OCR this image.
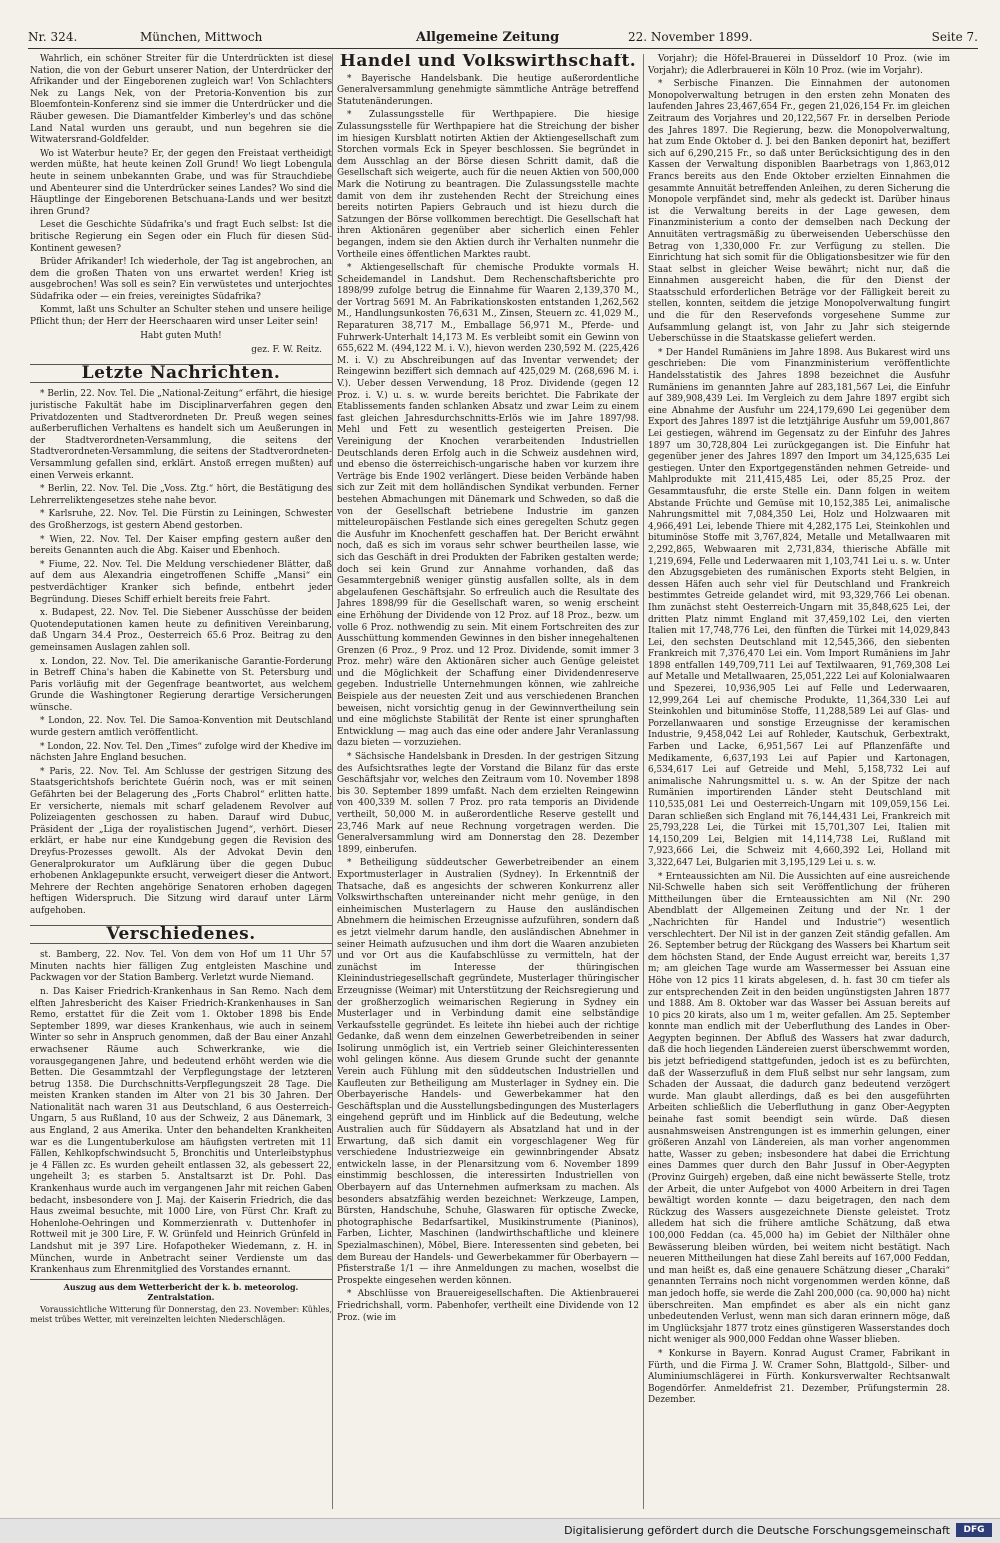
Nr. 324.	München, Mittwoch	Allgemeine Zeitung	22. November 1899.	Seite 7.

Wahrlich, ein schöner Streiter für die Unterdrückten ist diese Nation, die von der Geburt unserer Nation, der Unterdrücker der Afrikander und der Eingeborenen zugleich war! Von Schlachters Nek zu Langs Nek, von der Pretoria-Konvention bis zur Bloemfontein-Konferenz sind sie immer die Unterdrücker und die Räuber gewesen. Die Diamantfelder Kimberley's und das schöne Land Natal wurden uns geraubt, und nun begehren sie die Witwatersrand-Goldfelder.

Wo ist Waterbur heute? Er, der gegen den Freistaat vertheidigt werden müßte, hat heute keinen Zoll Grund! Wo liegt Lobengula heute in seinem unbekannten Grabe, und was für Strauchdiebe und Abenteurer sind die Unterdrücker seines Landes? Wo sind die Häuptlinge der Eingeborenen Betschuana-Lands und wer besitzt ihren Grund?

Leset die Geschichte Südafrika's und fragt Euch selbst: Ist die britische Regierung ein Segen oder ein Fluch für diesen Süd-Kontinent gewesen?

Brüder Afrikander! Ich wiederhole, der Tag ist angebrochen, an dem die großen Thaten von uns erwartet werden! Krieg ist ausgebrochen! Was soll es sein? Ein verwüstetes und unterjochtes Südafrika oder — ein freies, vereinigtes Südafrika?

Kommt, laßt uns Schulter an Schulter stehen und unsere heilige Pflicht thun; der Herr der Heerschaaren wird unser Leiter sein!

Habt guten Muth!

gez. F. W. Reitz.
Letzte Nachrichten.

* Berlin, 22. Nov. Tel. Die „National-Zeitung“ erfährt, die hiesige juristische Fakultät habe im Disciplinarverfahren gegen den Privatdozenten und Stadtverordneten Dr. Preuß wegen seines außerberuflichen Verhaltens es handelt sich um Aeußerungen in der Stadtverordneten-Versammlung, die seitens der Stadtverordneten-Versammlung, die seitens der Stadtverordneten-Versammlung gefallen sind, erklärt. Anstoß erregen mußten) auf einen Verweis erkannt.

* Berlin, 22. Nov. Tel. Die „Voss. Ztg.“ hört, die Bestätigung des Lehrerreliktengesetzes stehe nahe bevor.

* Karlsruhe, 22. Nov. Tel. Die Fürstin zu Leiningen, Schwester des Großherzogs, ist gestern Abend gestorben.

* Wien, 22. Nov. Tel. Der Kaiser empfing gestern außer den bereits Genannten auch die Abg. Kaiser und Ebenhoch.

* Fiume, 22. Nov. Tel. Die Meldung verschiedener Blätter, daß auf dem aus Alexandria eingetroffenen Schiffe „Mansi“ ein pestverdächtiger Kranker sich befinde, entbehrt jeder Begründung. Dieses Schiff erhielt bereits freie Fahrt.

x. Budapest, 22. Nov. Tel. Die Siebener Ausschüsse der beiden Quotendeputationen kamen heute zu definitiven Vereinbarung, daß Ungarn 34.4 Proz., Oesterreich 65.6 Proz. Beitrag zu den gemeinsamen Auslagen zahlen soll.

x. London, 22. Nov. Tel. Die amerikanische Garantie-Forderung in Betreff China's haben die Kabinette von St. Petersburg und Paris vorläufig mit der Gegenfrage beantwortet, aus welchem Grunde die Washingtoner Regierung derartige Versicherungen wünsche.

* London, 22. Nov. Tel. Die Samoa-Konvention mit Deutschland wurde gestern amtlich veröffentlicht.

* London, 22. Nov. Tel. Den „Times“ zufolge wird der Khedive im nächsten Jahre England besuchen.

* Paris, 22. Nov. Tel. Am Schlusse der gestrigen Sitzung des Staatsgerichtshofs berichtete Guérin noch, was er mit seinen Gefährten bei der Belagerung des „Forts Chabrol“ erlitten hatte. Er versicherte, niemals mit scharf geladenem Revolver auf Polizeiagenten geschossen zu haben. Darauf wird Dubuc, Präsident der „Liga der royalistischen Jugend“, verhört. Dieser erklärt, er habe nur eine Kundgebung gegen die Revision des Dreyfus-Prozesses gewollt. Als der Advokat Devin den Generalprokurator um Aufklärung über die gegen Dubuc erhobenen Anklagepunkte ersucht, verweigert dieser die Antwort. Mehrere der Rechten angehörige Senatoren erhoben dagegen heftigen Widerspruch. Die Sitzung wird darauf unter Lärm aufgehoben.

Verschiedenes.

st. Bamberg, 22. Nov. Tel. Von dem von Hof um 11 Uhr 57 Minuten nachts hier fälligen Zug entgleisten Maschine und Packwagen vor der Station Bamberg. Verletzt wurde Niemand.

n. Das Kaiser Friedrich-Krankenhaus in San Remo. Nach dem elften Jahresbericht des Kaiser Friedrich-Krankenhauses in San Remo, erstattet für die Zeit vom 1. Oktober 1898 bis Ende September 1899, war dieses Krankenhaus, wie auch in seinem Winter so sehr in Anspruch genommen, daß der Bau einer Anzahl erwachsener Räume auch Schwerkranke, wie die vorausgegangenen Jahre, und bedeutend erhöht werden wie die Betten. Die Gesammtzahl der Verpflegungstage der letzteren betrug 1358. Die Durchschnitts-Verpflegungszeit 28 Tage. Die meisten Kranken standen im Alter von 21 bis 30 Jahren. Der Nationalität nach waren 31 aus Deutschland, 6 aus Oesterreich-Ungarn, 5 aus Rußland, 10 aus der Schweiz, 2 aus Dänemark, 3 aus England, 2 aus Amerika. Unter den behandelten Krankheiten war es die Lungentuberkulose am häufigsten vertreten mit 11 Fällen, Kehlkopfschwindsucht 5, Bronchitis und Unterleibstyphus je 4 Fällen zc. Es wurden geheilt entlassen 32, als gebessert 22, ungeheilt 3; es starben 5. Anstaltsarzt ist Dr. Pohl. Das Krankenhaus wurde auch im vergangenen Jahr mit reichen Gaben bedacht, insbesondere von J. Maj. der Kaiserin Friedrich, die das Haus zweimal besuchte, mit 1000 Lire, von Fürst Chr. Kraft zu Hohenlohe-Oehringen und Kommerzienrath v. Duttenhofer in Rottweil mit je 300 Lire, F. W. Grünfeld und Heinrich Grünfeld in Landshut mit je 397 Lire. Hofapotheker Wiedemann, z. H. in München, wurde in Anbetracht seiner Verdienste um das Krankenhaus zum Ehrenmitglied des Vorstandes ernannt.

Auszug aus dem Wetterbericht der k. b. meteorolog. Zentralstation.

Voraussichtliche Witterung für Donnerstag, den 23. November: Kühles, meist trübes Wetter, mit vereinzelten leichten Niederschlägen.

Handel und Volkswirthschaft.

* Bayerische Handelsbank. Die heutige außerordentliche Generalversammlung genehmigte sämmtliche Anträge betreffend Statutenänderungen.

* Zulassungsstelle für Werthpapiere. Die hiesige Zulassungsstelle für Werthpapiere hat die Streichung der bisher im hiesigen Kursblatt notirten Aktien der Aktiengesellschaft zum Storchen vormals Eck in Speyer beschlossen. Sie begründet in dem Ausschlag an der Börse diesen Schritt damit, daß die Gesellschaft sich weigerte, auch für die neuen Aktien von 500,000 Mark die Notirung zu beantragen. Die Zulassungsstelle machte damit von dem ihr zustehenden Recht der Streichung eines bereits notirten Papiers Gebrauch und ist hiezu durch die Satzungen der Börse vollkommen berechtigt. Die Gesellschaft hat ihren Aktionären gegenüber aber sicherlich einen Fehler begangen, indem sie den Aktien durch ihr Verhalten nunmehr die Vortheile eines öffentlichen Marktes raubt.

* Aktiengesellschaft für chemische Produkte vormals H. Scheidemandel in Landshut. Dem Rechenschaftsberichte pro 1898/99 zufolge betrug die Einnahme für Waaren 2,139,370 M., der Vortrag 5691 M. An Fabrikationskosten entstanden 1,262,562 M., Handlungsunkosten 76,631 M., Zinsen, Steuern zc. 41,029 M., Reparaturen 38,717 M., Emballage 56,971 M., Pferde- und Fuhrwerk-Unterhalt 14,173 M. Es verbleibt somit ein Gewinn von 655,622 M. (494,122 M. i. V.), hievon werden 230,592 M. (225,426 M. i. V.) zu Abschreibungen auf das Inventar verwendet; der Reingewinn beziffert sich demnach auf 425,029 M. (268,696 M. i. V.). Ueber dessen Verwendung, 18 Proz. Dividende (gegen 12 Proz. i. V.) u. s. w. wurde bereits berichtet. Die Fabrikate der Etablissements fanden schlanken Absatz und zwar Leim zu einem fast gleichen Jahresdurchschnitts-Erlös wie im Jahre 1897/98. Mehl und Fett zu wesentlich gesteigerten Preisen. Die Vereinigung der Knochen verarbeitenden Industriellen Deutschlands deren Erfolg auch in die Schweiz ausdehnen wird, und ebenso die österreichisch-ungarische haben vor kurzem ihre Verträge bis Ende 1902 verlängert. Diese beiden Verbände haben sich zur Zeit mit dem holländischen Syndikat verbunden. Ferner bestehen Abmachungen mit Dänemark und Schweden, so daß die von der Gesellschaft betriebene Industrie im ganzen mitteleuropäischen Festlande sich eines geregelten Schutz gegen die Ausfuhr im Knochenfett geschaffen hat. Der Bericht erwähnt noch, daß es sich im voraus sehr schwer beurtheilen lasse, wie sich das Geschäft in drei Produkten der Fabriken gestalten werde; doch sei kein Grund zur Annahme vorhanden, daß das Gesammtergebniß weniger günstig ausfallen sollte, als in dem abgelaufenen Geschäftsjahr. So erfreulich auch die Resultate des Jahres 1898/99 für die Gesellschaft waren, so wenig erscheint eine Erhöhung der Dividende von 12 Proz. auf 18 Proz., bezw. um volle 6 Proz. nothwendig zu sein. Mit einem Fortschreiten des zur Ausschüttung kommenden Gewinnes in den bisher innegehaltenen Grenzen (6 Proz., 9 Proz. und 12 Proz. Dividende, somit immer 3 Proz. mehr) wäre den Aktionären sicher auch Genüge geleistet und die Möglichkeit der Schaffung einer Dividendenreserve gegeben. Industrielle Unternehmungen können, wie zahlreiche Beispiele aus der neuesten Zeit und aus verschiedenen Branchen beweisen, nicht vorsichtig genug in der Gewinnvertheilung sein und eine möglichste Stabilität der Rente ist einer sprunghaften Entwicklung — mag auch das eine oder andere Jahr Veranlassung dazu bieten — vorzuziehen.

* Sächsische Handelsbank in Dresden. In der gestrigen Sitzung des Aufsichtsrathes legte der Vorstand die Bilanz für das erste Geschäftsjahr vor, welches den Zeitraum vom 10. November 1898 bis 30. September 1899 umfaßt. Nach dem erzielten Reingewinn von 400,339 M. sollen 7 Proz. pro rata temporis an Dividende vertheilt, 50,000 M. in außerordentliche Reserve gestellt und 23,746 Mark auf neue Rechnung vorgetragen werden. Die Generalversammlung wird am Donnerstag den 28. Dezember 1899, einberufen.

* Betheiligung süddeutscher Gewerbetreibender an einem Exportmusterlager in Australien (Sydney). In Erkenntniß der Thatsache, daß es angesichts der schweren Konkurrenz aller Volkswirthschaften untereinander nicht mehr genüge, in den einheimischen Musterlagern zu Hause den ausländischen Abnehmern die heimischen Erzeugnisse aufzuführen, sondern daß es jetzt vielmehr darum handle, den ausländischen Abnehmer in seiner Heimath aufzusuchen und ihm dort die Waaren anzubieten und vor Ort aus die Kaufabschlüsse zu vermitteln, hat der zunächst im Interesse der thüringischen Kleinindustriegesellschaft gegründete, Musterlager thüringischer Erzeugnisse (Weimar) mit Unterstützung der Reichsregierung und der großherzoglich weimarischen Regierung in Sydney ein Musterlager und in Verbindung damit eine selbständige Verkaufsstelle gegründet. Es leitete ihn hiebei auch der richtige Gedanke, daß wenn dem einzelnen Gewerbetreibenden in seiner Isolirung unmöglich ist, ein Vertrieb seiner Gleichinteressenten wohl gelingen könne. Aus diesem Grunde sucht der genannte Verein auch Fühlung mit den süddeutschen Industriellen und Kaufleuten zur Betheiligung am Musterlager in Sydney ein. Die Oberbayerische Handels- und Gewerbekammer hat den Geschäftsplan und die Ausstellungsbedingungen des Musterlagers eingehend geprüft und im Hinblick auf die Bedeutung, welche Australien auch für Süddayern als Absatzland hat und in der Erwartung, daß sich damit ein vorgeschlagener Weg für verschiedene Industriezweige ein gewinnbringender Absatz entwickeln lasse, in der Plenarsitzung vom 6. November 1899 einstimmig beschlossen, die interessirten Industriellen von Oberbayern auf das Unternehmen aufmerksam zu machen. Als besonders absatzfähig werden bezeichnet: Werkzeuge, Lampen, Bürsten, Handschuhe, Schuhe, Glaswaren für optische Zwecke, photographische Bedarfsartikel, Musikinstrumente (Pianinos), Farben, Lichter, Maschinen (landwirthschaftliche und kleinere Spezialmaschinen), Möbel, Biere. Interessenten sind gebeten, bei dem Bureau der Handels- und Gewerbekammer für Oberbayern — Pfisterstraße 1/1 — ihre Anmeldungen zu machen, woselbst die Prospekte eingesehen werden können.

* Abschlüsse von Brauereigesellschaften. Die Aktienbrauerei Friedrichshall, vorm. Pabenhofer, vertheilt eine Dividende von 12 Proz. (wie im

Vorjahr); die Höfel-Brauerei in Düsseldorf 10 Proz. (wie im Vorjahr); die Adlerbrauerei in Köln 10 Proz. (wie im Vorjahr).

* Serbische Finanzen. Die Einnahmen der autonomen Monopolverwaltung betrugen in den ersten zehn Monaten des laufenden Jahres 23,467,654 Fr., gegen 21,026,154 Fr. im gleichen Zeitraum des Vorjahres und 20,122,567 Fr. in derselben Periode des Jahres 1897. Die Regierung, bezw. die Monopolverwaltung, hat zum Ende Oktober d. J. bei den Banken deponirt hat, beziffert sich auf 6,290,215 Fr., so daß unter Berücksichtigung des in den Kassen der Verwaltung disponiblen Baarbetrags von 1,863,012 Francs bereits aus den Ende Oktober erzielten Einnahmen die gesammte Annuität betreffenden Anleihen, zu deren Sicherung die Monopole verpfändet sind, mehr als gedeckt ist. Darüber hinaus ist die Verwaltung bereits in der Lage gewesen, dem Finanzministerium a conto der demselben nach Deckung der Annuitäten vertragsmäßig zu überweisenden Ueberschüsse den Betrag von 1,330,000 Fr. zur Verfügung zu stellen. Die Einrichtung hat sich somit für die Obligationsbesitzer wie für den Staat selbst in gleicher Weise bewährt; nicht nur, daß die Einnahmen ausgereicht haben, die für den Dienst der Staatsschuld erforderlichen Beträge vor der Fälligkeit bereit zu stellen, konnten, seitdem die jetzige Monopolverwaltung fungirt und die für den Reservefonds vorgesehene Summe zur Aufsammlung gelangt ist, von Jahr zu Jahr sich steigernde Ueberschüsse in die Staatskasse geliefert werden.

* Der Handel Rumäniens im Jahre 1898. Aus Bukarest wird uns geschrieben: Die vom Finanzministerium veröffentlichte Handelsstatistik des Jahres 1898 bezeichnet die Ausfuhr Rumäniens im genannten Jahre auf 283,181,567 Lei, die Einfuhr auf 389,908,439 Lei. Im Vergleich zu dem Jahre 1897 ergibt sich eine Abnahme der Ausfuhr um 224,179,690 Lei gegenüber dem Export des Jahres 1897 ist die letztjährige Ausfuhr um 59,001,867 Lei gestiegen, während im Gegensatz zu der Einfuhr des Jahres 1897 um 30,728,804 Lei zurückgegangen ist. Die Einfuhr hat gegenüber jener des Jahres 1897 den Import um 34,125,635 Lei gestiegen. Unter den Exportgegenständen nehmen Getreide- und Mahlprodukte mit 211,415,485 Lei, oder 85,25 Proz. der Gesammtausfuhr, die erste Stelle ein. Dann folgen in weitem Abstande Früchte und Gemüse mit 10,152,385 Lei, animalische Nahrungsmittel mit 7,084,350 Lei, Holz und Holzwaaren mit 4,966,491 Lei, lebende Thiere mit 4,282,175 Lei, Steinkohlen und bituminöse Stoffe mit 3,767,824, Metalle und Metallwaaren mit 2,292,865, Webwaaren mit 2,731,834, thierische Abfälle mit 1,219,694, Felle und Lederwaaren mit 1,103,741 Lei u. s. w. Unter den Abzugsgebieten des rumänischen Exports steht Belgien, in dessen Häfen auch sehr viel für Deutschland und Frankreich bestimmtes Getreide gelandet wird, mit 93,329,766 Lei obenan. Ihm zunächst steht Oesterreich-Ungarn mit 35,848,625 Lei, der dritten Platz nimmt England mit 37,459,102 Lei, den vierten Italien mit 17,748,776 Lei, den fünften die Türkei mit 14,029,843 Lei, den sechsten Deutschland mit 12,545,366, den siebenten Frankreich mit 7,376,470 Lei ein. Vom Import Rumäniens im Jahr 1898 entfallen 149,709,711 Lei auf Textilwaaren, 91,769,308 Lei auf Metalle und Metallwaaren, 25,051,222 Lei auf Kolonialwaaren und Spezerei, 10,936,905 Lei auf Felle und Lederwaaren, 12,999,264 Lei auf chemische Produkte, 11,364,330 Lei auf Steinkohlen und bituminöse Stoffe, 11,288,589 Lei auf Glas- und Porzellanwaaren und sonstige Erzeugnisse der keramischen Industrie, 9,458,042 Lei auf Rohleder, Kautschuk, Gerbextrakt, Farben und Lacke, 6,951,567 Lei auf Pflanzenfäfte und Medikamente, 6,637,193 Lei auf Papier und Kartonagen, 6,534,617 Lei auf Getreide und Mehl, 5,158,732 Lei auf animalische Nahrungsmittel u. s. w. An der Spitze der nach Rumänien importirenden Länder steht Deutschland mit 110,535,081 Lei und Oesterreich-Ungarn mit 109,059,156 Lei. Daran schließen sich England mit 76,144,431 Lei, Frankreich mit 25,793,228 Lei, die Türkei mit 15,701,307 Lei, Italien mit 14,150,209 Lei, Belgien mit 14,114,738 Lei, Rußland mit 7,923,666 Lei, die Schweiz mit 4,660,392 Lei, Holland mit 3,322,647 Lei, Bulgarien mit 3,195,129 Lei u. s. w.

* Ernteaussichten am Nil. Die Aussichten auf eine ausreichende Nil-Schwelle haben sich seit Veröffentlichung der früheren Mittheilungen über die Ernteaussichten am Nil (Nr. 290 Abendblatt der Allgemeinen Zeitung und der Nr. 1 der „Nachrichten für Handel und Industrie“) wesentlich verschlechtert. Der Nil ist in der ganzen Zeit ständig gefallen. Am 26. September betrug der Rückgang des Wassers bei Khartum seit dem höchsten Stand, der Ende August erreicht war, bereits 1,37 m; am gleichen Tage wurde am Wassermesser bei Assuan eine Höhe von 12 pics 11 kirats abgelesen, d. h. fast 30 cm tiefer als zur entsprechenden Zeit in den beiden ungünstigsten Jahren 1877 und 1888. Am 8. Oktober war das Wasser bei Assuan bereits auf 10 pics 20 kirats, also um 1 m, weiter gefallen. Am 25. September konnte man endlich mit der Ueberfluthung des Landes in Ober-Aegypten beginnen. Der Abfluß des Wassers hat zwar dadurch, daß die hoch liegenden Ländereien zuerst überschwemmt worden, bis jetzt befriedigend stattgefunden, jedoch ist es zu befürchten, daß der Wasserzufluß in dem Fluß selbst nur sehr langsam, zum Schaden der Aussaat, die dadurch ganz bedeutend verzögert wurde. Man glaubt allerdings, daß es bei den ausgeführten Arbeiten schließlich die Ueberfluthung in ganz Ober-Aegypten beinahe fast somit beendigt sein würde. Daß diesen ausnahmsweisen Anstrengungen ist es immerhin gelungen, einer größeren Anzahl von Ländereien, als man vorher angenommen hatte, Wasser zu geben; insbesondere hat dabei die Errichtung eines Dammes quer durch den Bahr Jussuf in Ober-Aegypten (Provinz Guirgeh) ergeben, daß eine nicht bewässerte Stelle, trotz der Arbeit, die unter Aufgebot von 4000 Arbeitern in drei Tagen bewältigt worden konnte — dazu beigetragen, den nach dem Rückzug des Wassers ausgezeichnete Dienste geleistet. Trotz alledem hat sich die frühere amtliche Schätzung, daß etwa 100,000 Feddan (ca. 45,000 ha) im Gebiet der Nilthäler ohne Bewässerung bleiben würden, bei weitem nicht bestätigt. Nach neueren Mittheilungen hat diese Zahl bereits auf 167,000 Feddan, und man heißt es, daß eine genauere Schätzung dieser „Charaki“ genannten Terrains noch nicht vorgenommen werden könne, daß man jedoch hoffe, sie werde die Zahl 200,000 (ca. 90,000 ha) nicht überschreiten. Man empfindet es aber als ein nicht ganz unbedeutenden Verlust, wenn man sich daran erinnern möge, daß im Unglücksjahr 1877 trotz eines günstigeren Wasserstandes doch nicht weniger als 900,000 Feddan ohne Wasser blieben.

* Konkurse in Bayern. Konrad August Cramer, Fabrikant in Fürth, und die Firma J. W. Cramer Sohn, Blattgold-, Silber- und Aluminiumschlägerei in Fürth. Konkursverwalter Rechtsanwalt Bogendörfer. Anmeldefrist 21. Dezember, Prüfungstermin 28. Dezember.

Digitalisierung gefördert durch die Deutsche Forschungsgemeinschaft	DFG
